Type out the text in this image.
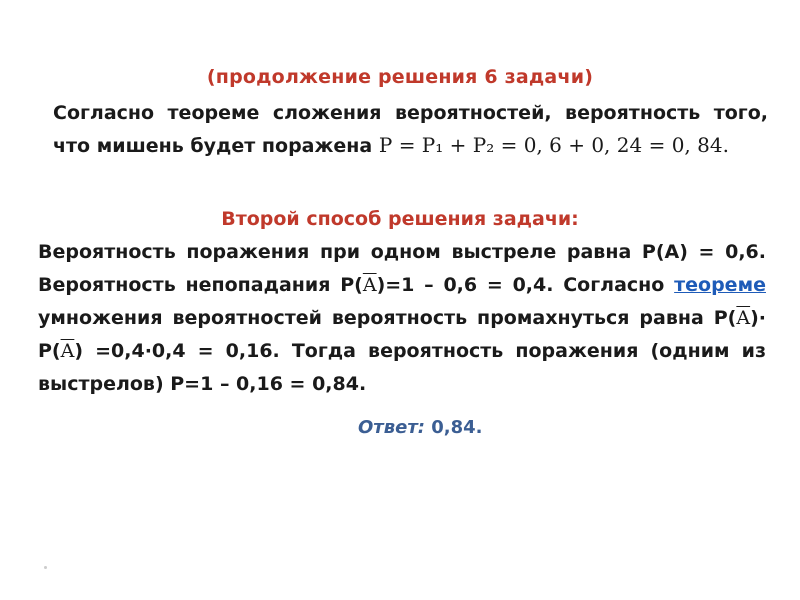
(продолжение решения 6 задачи)
Согласно теореме сложения вероятностей, вероятность того, что мишень будет поражена P = P₁ + P₂ = 0, 6 + 0, 24 = 0, 84.
Второй способ решения задачи:
Вероятность поражения при одном выстреле равна P(A) = 0,6. Вероятность непопадания $P(\overline{A})=1 - 0,6 = 0,4$. Согласно теореме умножения вероятностей вероятность промахнуться равна $P(\overline{A})\cdot P(\overline{A}) =0,4\cdot 0,4 = 0,16$. Тогда вероятность поражения (одним из выстрелов) P=1 – 0,16 = 0,84.
Ответ: 0,84.
